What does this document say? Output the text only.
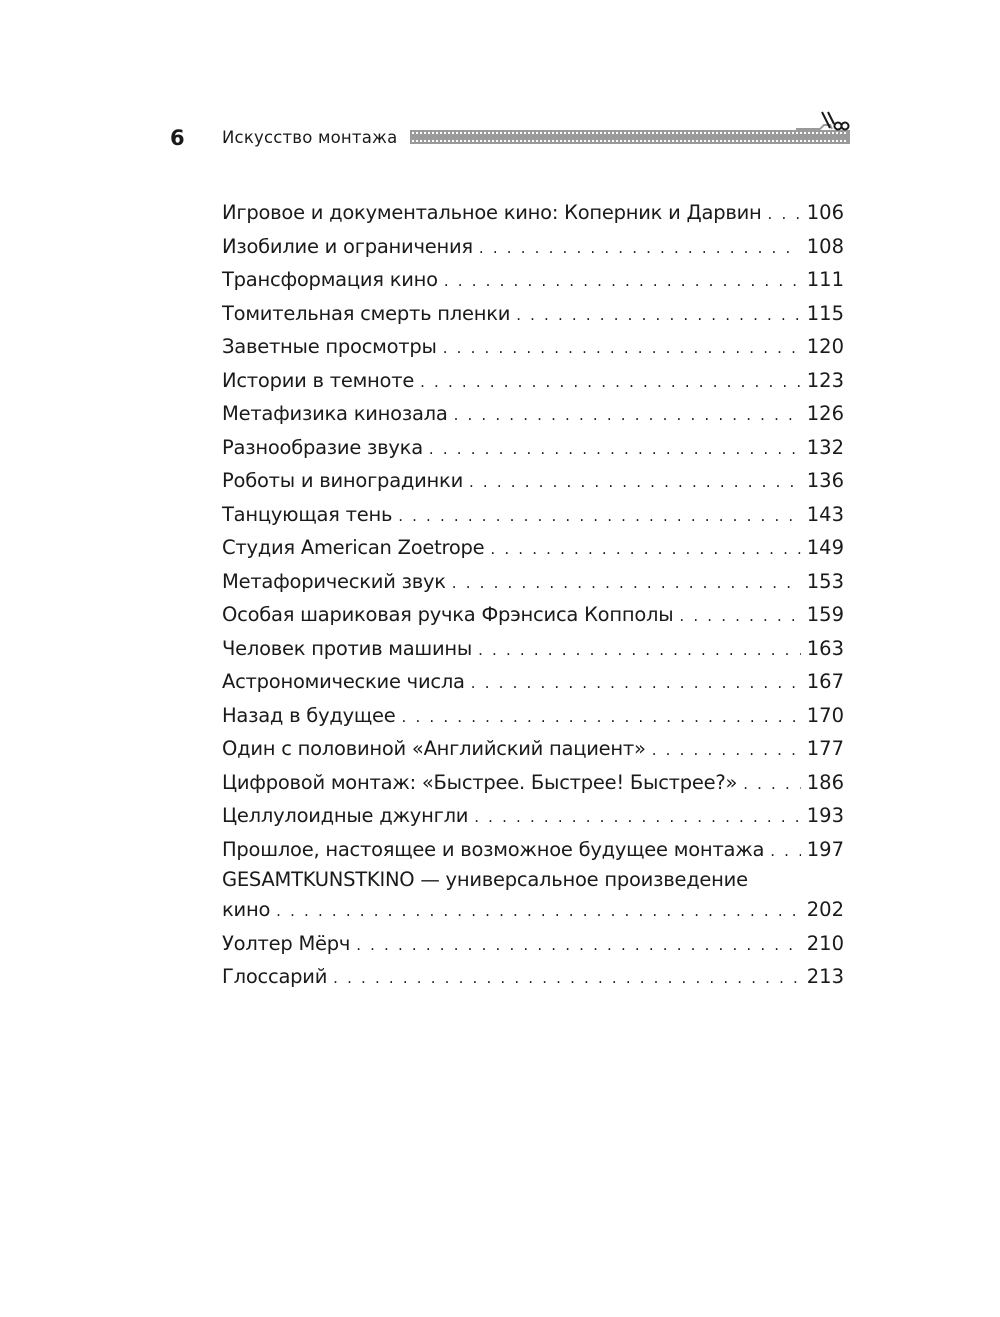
6 Искусство монтажа
Игровое и документальное кино: Коперник и Дарвин . . . 106
Изобилие и ограничения . . .	108
Трансформация кино . . .	111
Томительная смерть пленки . . .	115
Заветные просмотры . . .	120
Истории в темноте . . .	123
Метафизика кинозала . . .	126
Разнообразие звука . . .	132
Роботы и виноградинки . . .	136
Танцующая тень . . .	143
Студия American Zoetrope . . .	149
Метафорический звук . . .	153
Особая шариковая ручка Фрэнсиса Копполы . . .	159
Человек против машины . . .	163
Астрономические числа . . .	167
Назад в будущее . . .	170
Один с половиной «Английский пациент» . . .	177
Цифровой монтаж: «Быстрее. Быстрее! Быстрее?» . . .	186
Целлулоидные джунгли . . .	193
Прошлое, настоящее и возможное будущее монтажа . . . 197
GESAMTKUNSTKINO — универсальное произведение
кино . . .	202
Уолтер Мёрч . . .	210
Глоссарий . . .	213
